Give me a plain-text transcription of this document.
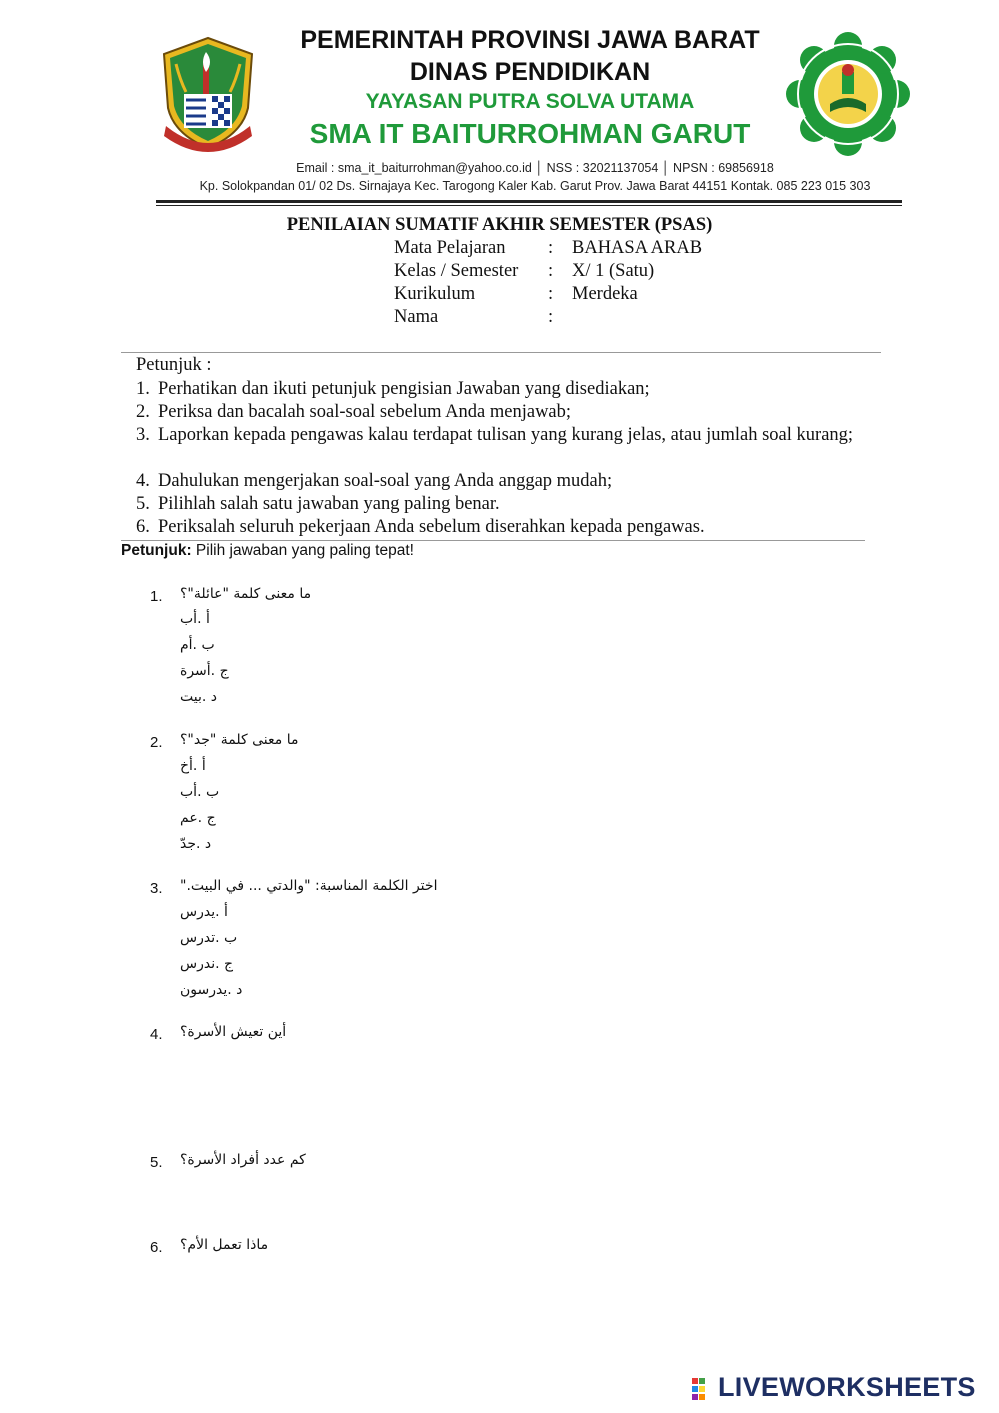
PEMERINTAH PROVINSI JAWA BARAT
DINAS PENDIDIKAN
YAYASAN PUTRA SOLVA UTAMA
SMA IT BAITURROHMAN GARUT
Email : sma_it_baiturrohman@yahoo.co.id │ NSS : 32021137054 │ NPSN : 69856918
Kp. Solokpandan 01/ 02 Ds. Sirnajaya Kec. Tarogong Kaler Kab. Garut Prov. Jawa Barat 44151 Kontak. 085 223 015 303
PENILAIAN SUMATIF AKHIR SEMESTER (PSAS)
Mata Pelajaran : BAHASA ARAB
Kelas / Semester : X/ 1 (Satu)
Kurikulum	: Merdeka
Nama	:
Petunjuk :
1. Perhatikan dan ikuti petunjuk pengisian Jawaban yang disediakan;
2. Periksa dan bacalah soal-soal sebelum Anda menjawab;
3. Laporkan kepada pengawas kalau terdapat tulisan yang kurang jelas, atau jumlah soal kurang;
4. Dahulukan mengerjakan soal-soal yang Anda anggap mudah;
5. Pilihlah salah satu jawaban yang paling benar.
6. Periksalah seluruh pekerjaan Anda sebelum diserahkan kepada pengawas.
Petunjuk: Pilih jawaban yang paling tepat!
1. ما معنى كلمة "عائلة"؟
أ .أب
ب .أم
ج .أسرة
د .بيت
2. ما معنى كلمة "جد"؟
أ .أخ
ب .أب
ج .عم
د .جدّ
3. اختر الكلمة المناسبة: "والدتي ... في البيت."
أ .يدرس
ب .تدرس
ج .ندرس
د .يدرسون
4. أين تعيش الأسرة؟
5. كم عدد أفراد الأسرة؟
6. ماذا تعمل الأم؟
LIVEWORKSHEETS
